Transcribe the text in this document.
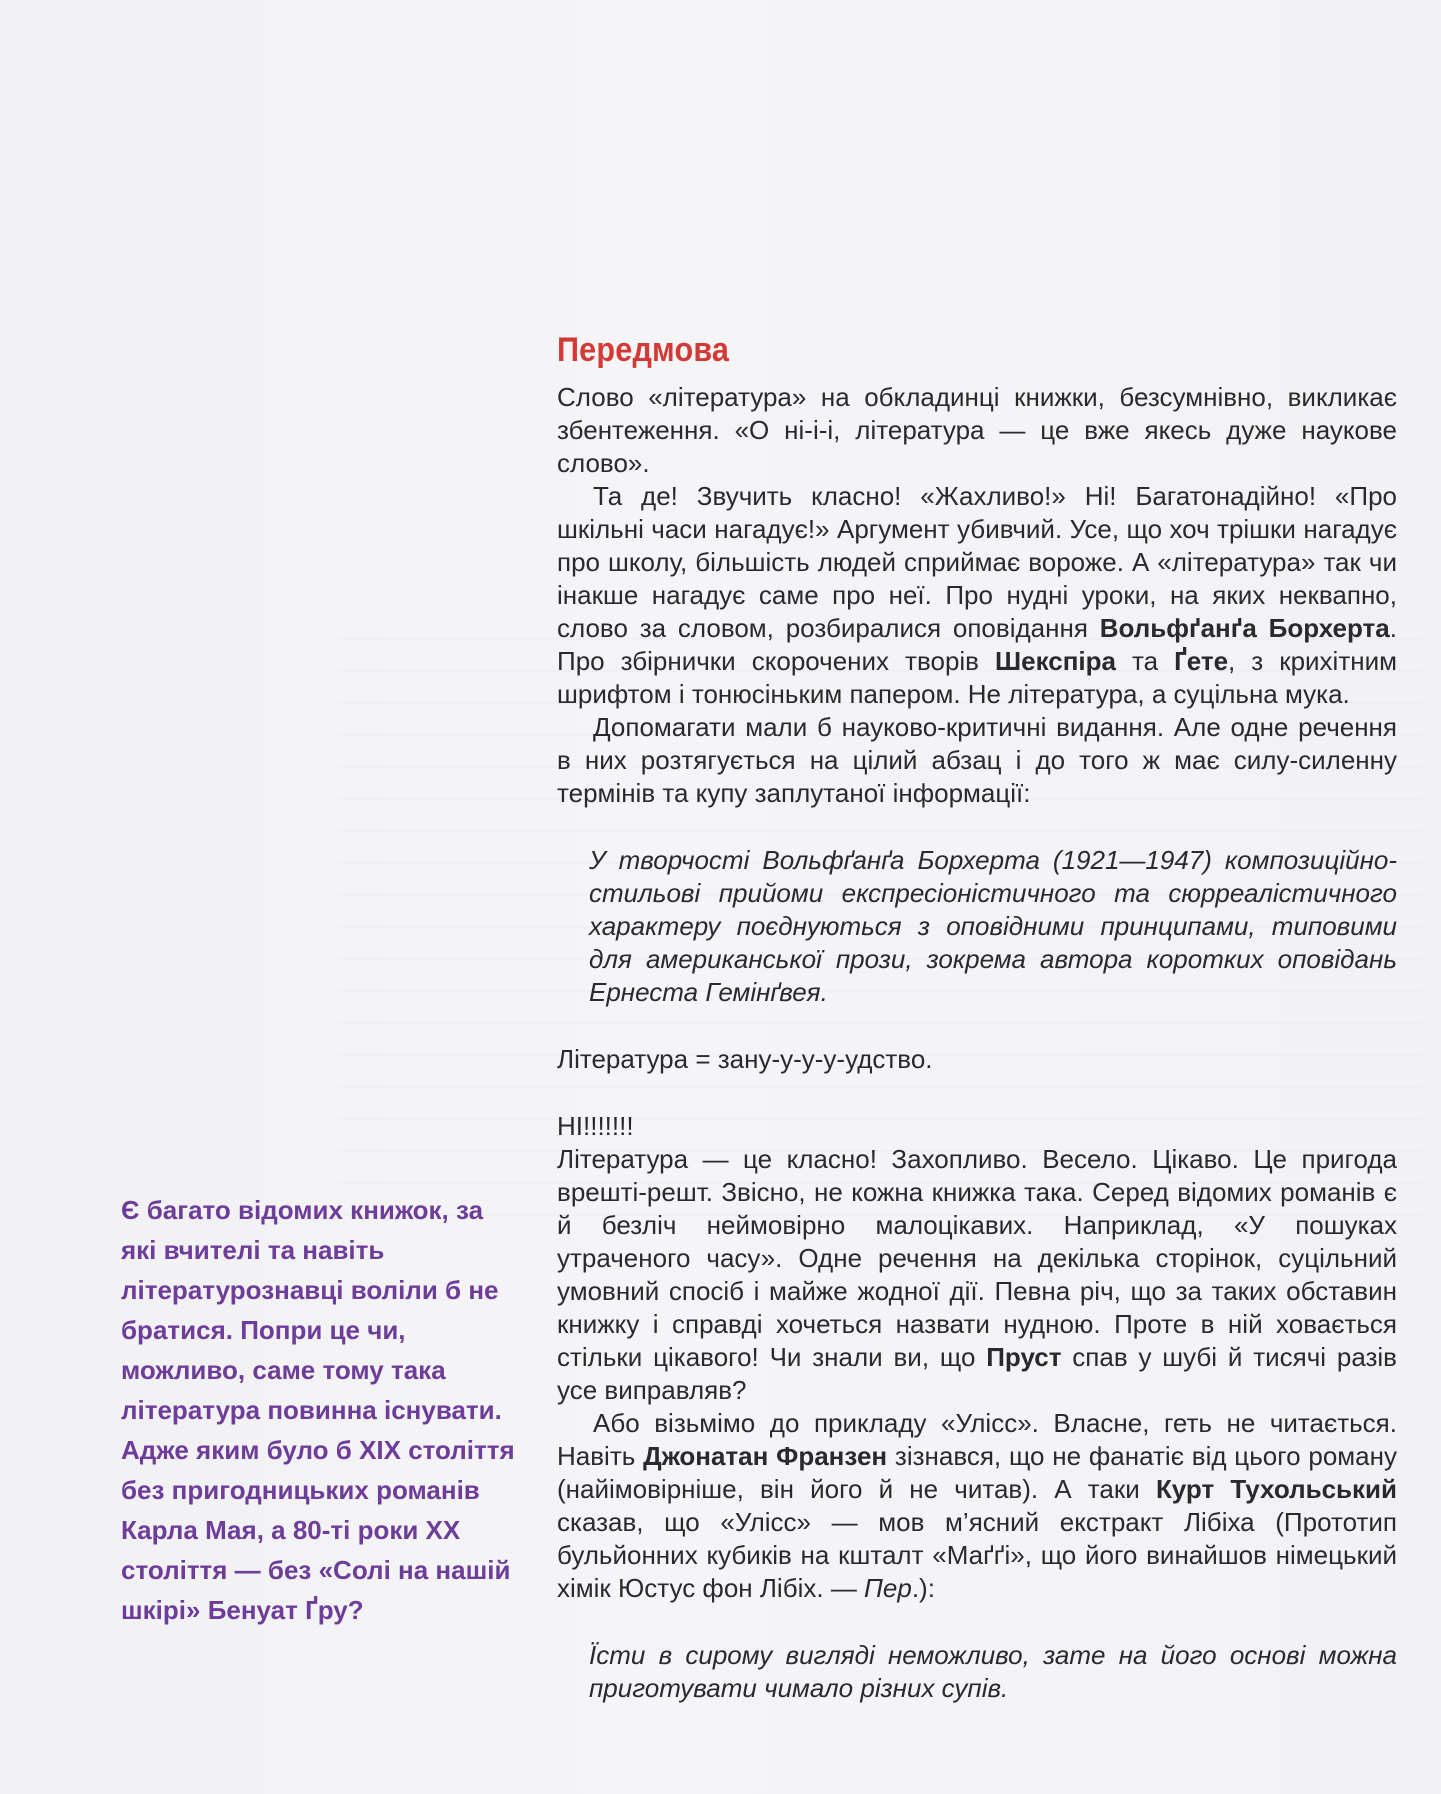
Передмова

Слово «література» на обкладинці книжки, безсумнівно, викликає збентеження. «О ні-і-і, література — це вже якесь дуже наукове слово».

Та де! Звучить класно! «Жахливо!» Ні! Багатонадійно! «Про шкільні часи нагадує!» Аргумент убивчий. Усе, що хоч трішки нагадує про школу, більшість людей сприймає вороже. А «література» так чи інакше нагадує саме про неї. Про нудні уроки, на яких неквапно, слово за словом, розбиралися оповідання Вольфґанґа Борхерта. Про збірнички скорочених творів Шекспіра та Ґете, з крихітним шрифтом і тонюсіньким папером. Не література, а суцільна мука.

Допомагати мали б науково-критичні видання. Але одне речення в них розтягується на цілий абзац і до того ж має силу-силенну термінів та купу заплутаної інформації:

У творчості Вольфґанґа Борхерта (1921—1947) композиційно-стильові прийоми експресіоністичного та сюрреалістичного характеру поєднуються з оповідними принципами, типовими для американської прози, зокрема автора коротких оповідань Ернеста Гемінґвея.

Література = зану-у-у-у-удство.

НІ!!!!!!!

Література — це класно! Захопливо. Весело. Цікаво. Це пригода врешті-решт. Звісно, не кожна книжка така. Серед відомих романів є й безліч неймовірно малоцікавих. Наприклад, «У пошуках утраченого часу». Одне речення на декілька сторінок, суцільний умовний спосіб і майже жодної дії. Певна річ, що за таких обставин книжку і справді хочеться назвати нудною. Проте в ній ховається стільки цікавого! Чи знали ви, що Пруст спав у шубі й тисячі разів усе виправляв?

Або візьмімо до прикладу «Улісс». Власне, геть не читається. Навіть Джонатан Франзен зізнався, що не фанатіє від цього роману (найімовірніше, він його й не читав). А таки Курт Тухольський сказав, що «Улісс» — мов м’ясний екстракт Лібіха (Прототип бульйонних кубиків на кшталт «Маґґі», що його винайшов німецький хімік Юстус фон Лібіх. — Пер.):

Їсти в сирому вигляді неможливо, зате на його основі можна приготувати чимало різних супів.

Є багато відомих книжок, за які вчителі та навіть літературознавці воліли б не братися. Попри це чи, можливо, саме тому така література повинна існувати. Адже яким було б XIX століття без пригодницьких романів Карла Мая, а 80-ті роки XX століття — без «Солі на нашій шкірі» Бенуат Ґру?
